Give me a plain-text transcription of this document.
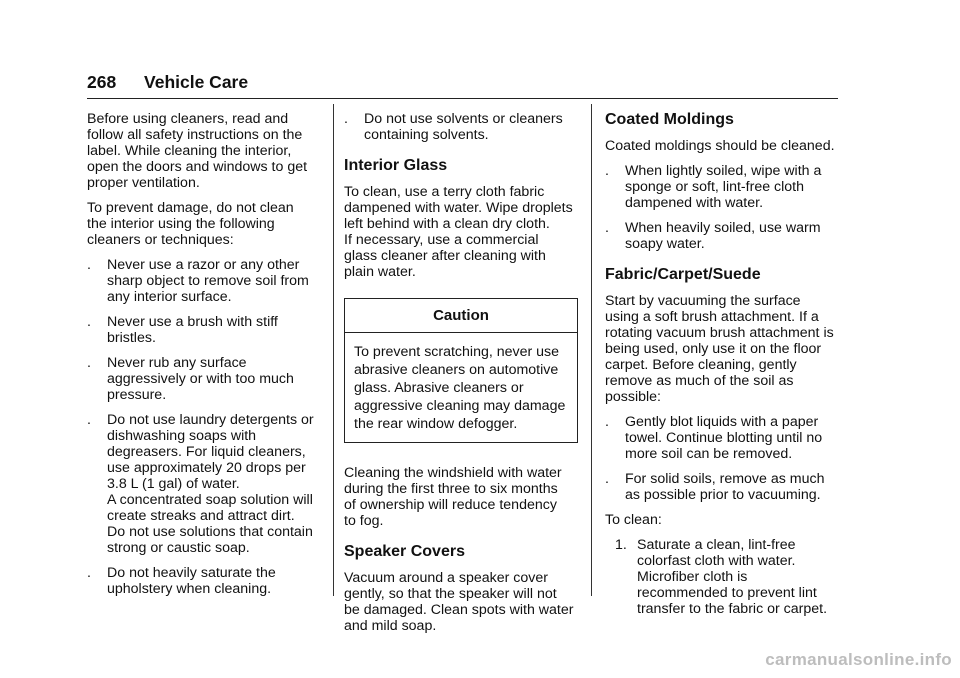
268 Vehicle Care

Before using cleaners, read and
follow all safety instructions on the
label. While cleaning the interior,
open the doors and windows to get
proper ventilation.

To prevent damage, do not clean
the interior using the following
cleaners or techniques:

. Never use a razor or any other
sharp object to remove soil from
any interior surface.
. Never use a brush with stiff
bristles.
. Never rub any surface
aggressively or with too much
pressure.
. Do not use laundry detergents or
dishwashing soaps with
degreasers. For liquid cleaners,
use approximately 20 drops per
3.8 L (1 gal) of water.
A concentrated soap solution will
create streaks and attract dirt.
Do not use solutions that contain
strong or caustic soap.
. Do not heavily saturate the
upholstery when cleaning.
. Do not use solvents or cleaners
containing solvents.
Interior Glass

To clean, use a terry cloth fabric
dampened with water. Wipe droplets
left behind with a clean dry cloth.
If necessary, use a commercial
glass cleaner after cleaning with
plain water.

Caution
To prevent scratching, never use
abrasive cleaners on automotive
glass. Abrasive cleaners or
aggressive cleaning may damage
the rear window defogger.

Cleaning the windshield with water
during the first three to six months
of ownership will reduce tendency
to fog.

Speaker Covers

Vacuum around a speaker cover
gently, so that the speaker will not
be damaged. Clean spots with water
and mild soap.

Coated Moldings

Coated moldings should be cleaned.

. When lightly soiled, wipe with a
sponge or soft, lint-free cloth
dampened with water.
. When heavily soiled, use warm
soapy water.
Fabric/Carpet/Suede

Start by vacuuming the surface
using a soft brush attachment. If a
rotating vacuum brush attachment is
being used, only use it on the floor
carpet. Before cleaning, gently
remove as much of the soil as
possible:

. Gently blot liquids with a paper
towel. Continue blotting until no
more soil can be removed.
. For solid soils, remove as much
as possible prior to vacuuming.

To clean:

1. Saturate a clean, lint-free
colorfast cloth with water.
Microfiber cloth is
recommended to prevent lint
transfer to the fabric or carpet.
carmanualsonline.info
